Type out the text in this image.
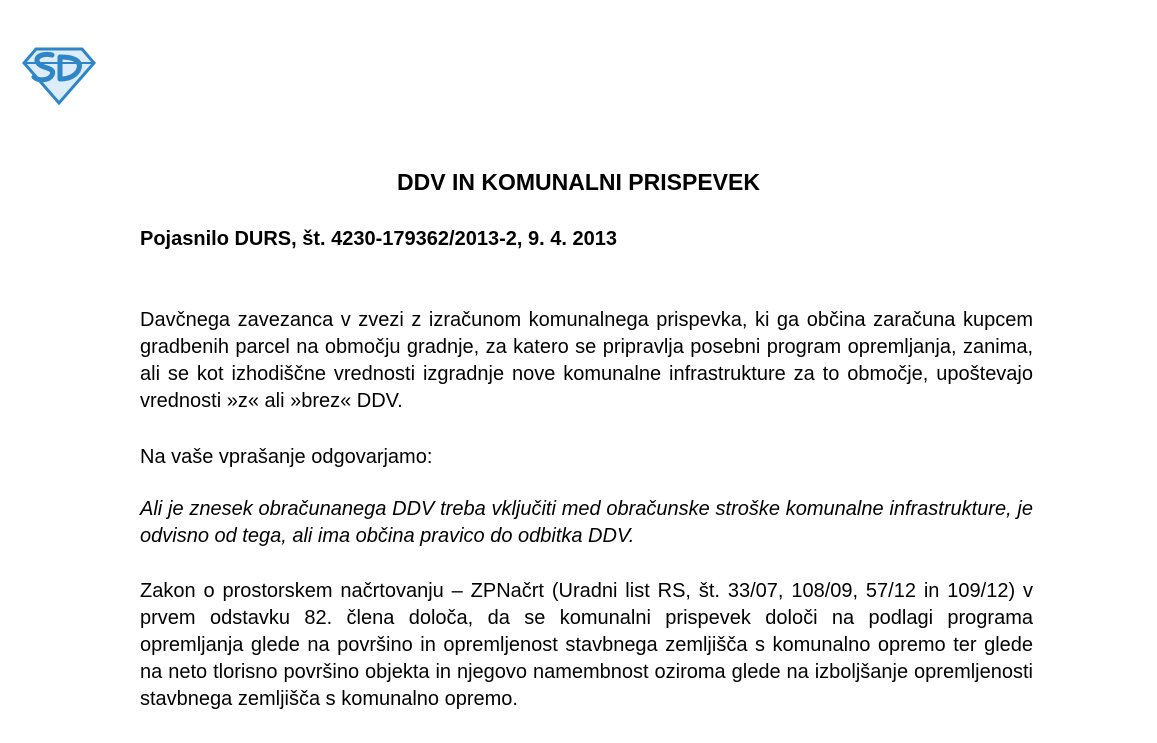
DDV IN KOMUNALNI PRISPEVEK
Pojasnilo DURS, št. 4230-179362/2013-2, 9. 4. 2013
Davčnega zavezanca v zvezi z izračunom komunalnega prispevka, ki ga občina zaračuna kupcem gradbenih parcel na območju gradnje, za katero se pripravlja posebni program opremljanja, zanima, ali se kot izhodiščne vrednosti izgradnje nove komunalne infrastrukture za to območje, upoštevajo vrednosti »z« ali »brez« DDV.
Na vaše vprašanje odgovarjamo:
Ali je znesek obračunanega DDV treba vključiti med obračunske stroške komunalne infrastrukture, je odvisno od tega, ali ima občina pravico do odbitka DDV.
Zakon o prostorskem načrtovanju – ZPNačrt (Uradni list RS, št. 33/07, 108/09, 57/12 in 109/12) v prvem odstavku 82. člena določa, da se komunalni prispevek določi na podlagi programa opremljanja glede na površino in opremljenost stavbnega zemljišča s komunalno opremo ter glede na neto tlorisno površino objekta in njegovo namembnost oziroma glede na izboljšanje opremljenosti stavbnega zemljišča s komunalno opremo.
